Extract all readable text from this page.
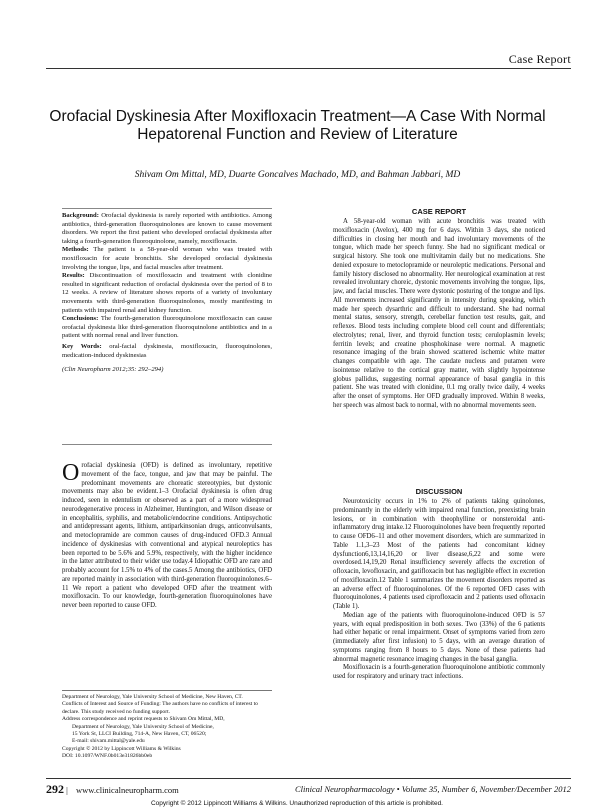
Case Report
Orofacial Dyskinesia After Moxifloxacin Treatment—A Case With Normal Hepatorenal Function and Review of Literature
Shivam Om Mittal, MD, Duarte Goncalves Machado, MD, and Bahman Jabbari, MD

Background: Orofacial dyskinesia is rarely reported with antibiotics. Among antibiotics, third-generation fluoroquinolones are known to cause movement disorders. We report the first patient who developed orofacial dyskinesia after taking a fourth-generation fluoroquinolone, namely, moxifloxacin.

Methods: The patient is a 58-year-old woman who was treated with moxifloxacin for acute bronchitis. She developed orofacial dyskinesia involving the tongue, lips, and facial muscles after treatment.

Results: Discontinuation of moxifloxacin and treatment with clonidine resulted in significant reduction of orofacial dyskinesia over the period of 8 to 12 weeks. A review of literature shows reports of a variety of involuntary movements with third-generation fluoroquinolones, mostly manifesting in patients with impaired renal and kidney function.

Conclusions: The fourth-generation fluoroquinolone moxifloxacin can cause orofacial dyskinesia like third-generation fluoroquinolone antibiotics and in a patient with normal renal and liver function.

Key Words: oral-facial dyskinesia, moxifloxacin, fluoroquinolones, medication-induced dyskinesias

(Clin Neuropharm 2012;35: 292–294)

Orofacial dyskinesia (OFD) is defined as involuntary, repetitive movement of the face, tongue, and jaw that may be painful. The predominant movements are choreatic stereotypies, but dystonic movements may also be evident.1–3 Orofacial dyskinesia is often drug induced, seen in edentulism or observed as a part of a more widespread neurodegenerative process in Alzheimer, Huntington, and Wilson disease or in encephalitis, syphilis, and metabolic/endocrine conditions. Antipsychotic and antidepressant agents, lithium, antiparkinsonian drugs, anticonvulsants, and metoclopramide are common causes of drug-induced OFD.3 Annual incidence of dyskinesias with conventional and atypical neuroleptics has been reported to be 5.6% and 5.9%, respectively, with the higher incidence in the latter attributed to their wider use today.4 Idiopathic OFD are rare and probably account for 1.5% to 4% of the cases.5 Among the antibiotics, OFD are reported mainly in association with third-generation fluoroquinolones.6–11 We report a patient who developed OFD after the treatment with moxifloxacin. To our knowledge, fourth-generation fluoroquinolones have never been reported to cause OFD.

Department of Neurology, Yale University School of Medicine, New Haven, CT.
Conflicts of Interest and Source of Funding: The authors have no conflicts of interest to declare. This study received no funding support.
Address correspondence and reprint requests to Shivam Om Mittal, MD,
Department of Neurology, Yale University School of Medicine,
15 York St, LLCI Building, 714-A, New Haven, CT, 06520;
E-mail: shivam.mittal@yale.edu
Copyright © 2012 by Lippincott Williams & Wilkins
DOI: 10.1097/WNF.0b013e31826bb0eb
CASE REPORT

A 58-year-old woman with acute bronchitis was treated with moxifloxacin (Avelox), 400 mg for 6 days. Within 3 days, she noticed difficulties in closing her mouth and had involuntary movements of the tongue, which made her speech funny. She had no significant medical or surgical history. She took one multivitamin daily but no medications. She denied exposure to metoclopramide or neuroleptic medications. Personal and family history disclosed no abnormality. Her neurological examination at rest revealed involuntary choreic, dystonic movements involving the tongue, lips, jaw, and facial muscles. There were dystonic posturing of the tongue and lips. All movements increased significantly in intensity during speaking, which made her speech dysarthric and difficult to understand. She had normal mental status, sensory, strength, cerebellar function test results, gait, and reflexes. Blood tests including complete blood cell count and differentials; electrolytes; renal, liver, and thyroid function tests; ceruloplasmin levels; ferritin levels; and creatine phosphokinase were normal. A magnetic resonance imaging of the brain showed scattered ischemic white matter changes compatible with age. The caudate nucleus and putamen were isointense relative to the cortical gray matter, with slightly hypointense globus pallidus, suggesting normal appearance of basal ganglia in this patient. She was treated with clonidine, 0.1 mg orally twice daily, 4 weeks after the onset of symptoms. Her OFD gradually improved. Within 8 weeks, her speech was almost back to normal, with no abnormal movements seen.

DISCUSSION

Neurotoxicity occurs in 1% to 2% of patients taking quinolones, predominantly in the elderly with impaired renal function, preexisting brain lesions, or in combination with theophylline or nonsteroidal anti-inflammatory drug intake.12 Fluoroquinolones have been frequently reported to cause OFD6–11 and other movement disorders, which are summarized in Table 1.1,3–23 Most of the patients had concomitant kidney dysfunction6,13,14,16,20 or liver disease,6,22 and some were overdosed.14,19,20 Renal insufficiency severely affects the excretion of ofloxacin, levofloxacin, and gatifloxacin but has negligible effect in excretion of moxifloxacin.12 Table 1 summarizes the movement disorders reported as an adverse effect of fluoroquinolones. Of the 6 reported OFD cases with fluoroquinolones, 4 patients used ciprofloxacin and 2 patients used ofloxacin (Table 1).

Median age of the patients with fluoroquinolone-induced OFD is 57 years, with equal predisposition in both sexes. Two (33%) of the 6 patients had either hepatic or renal impairment. Onset of symptoms varied from zero (immediately after first infusion) to 5 days, with an average duration of symptoms ranging from 8 hours to 5 days. None of these patients had abnormal magnetic resonance imaging changes in the basal ganglia.

Moxifloxacin is a fourth-generation fluoroquinolone antibiotic commonly used for respiratory and urinary tract infections.

292 | www.clinicalneuropharm.com	Clinical Neuropharmacology • Volume 35, Number 6, November/December 2012
Copyright © 2012 Lippincott Williams & Wilkins. Unauthorized reproduction of this article is prohibited.
